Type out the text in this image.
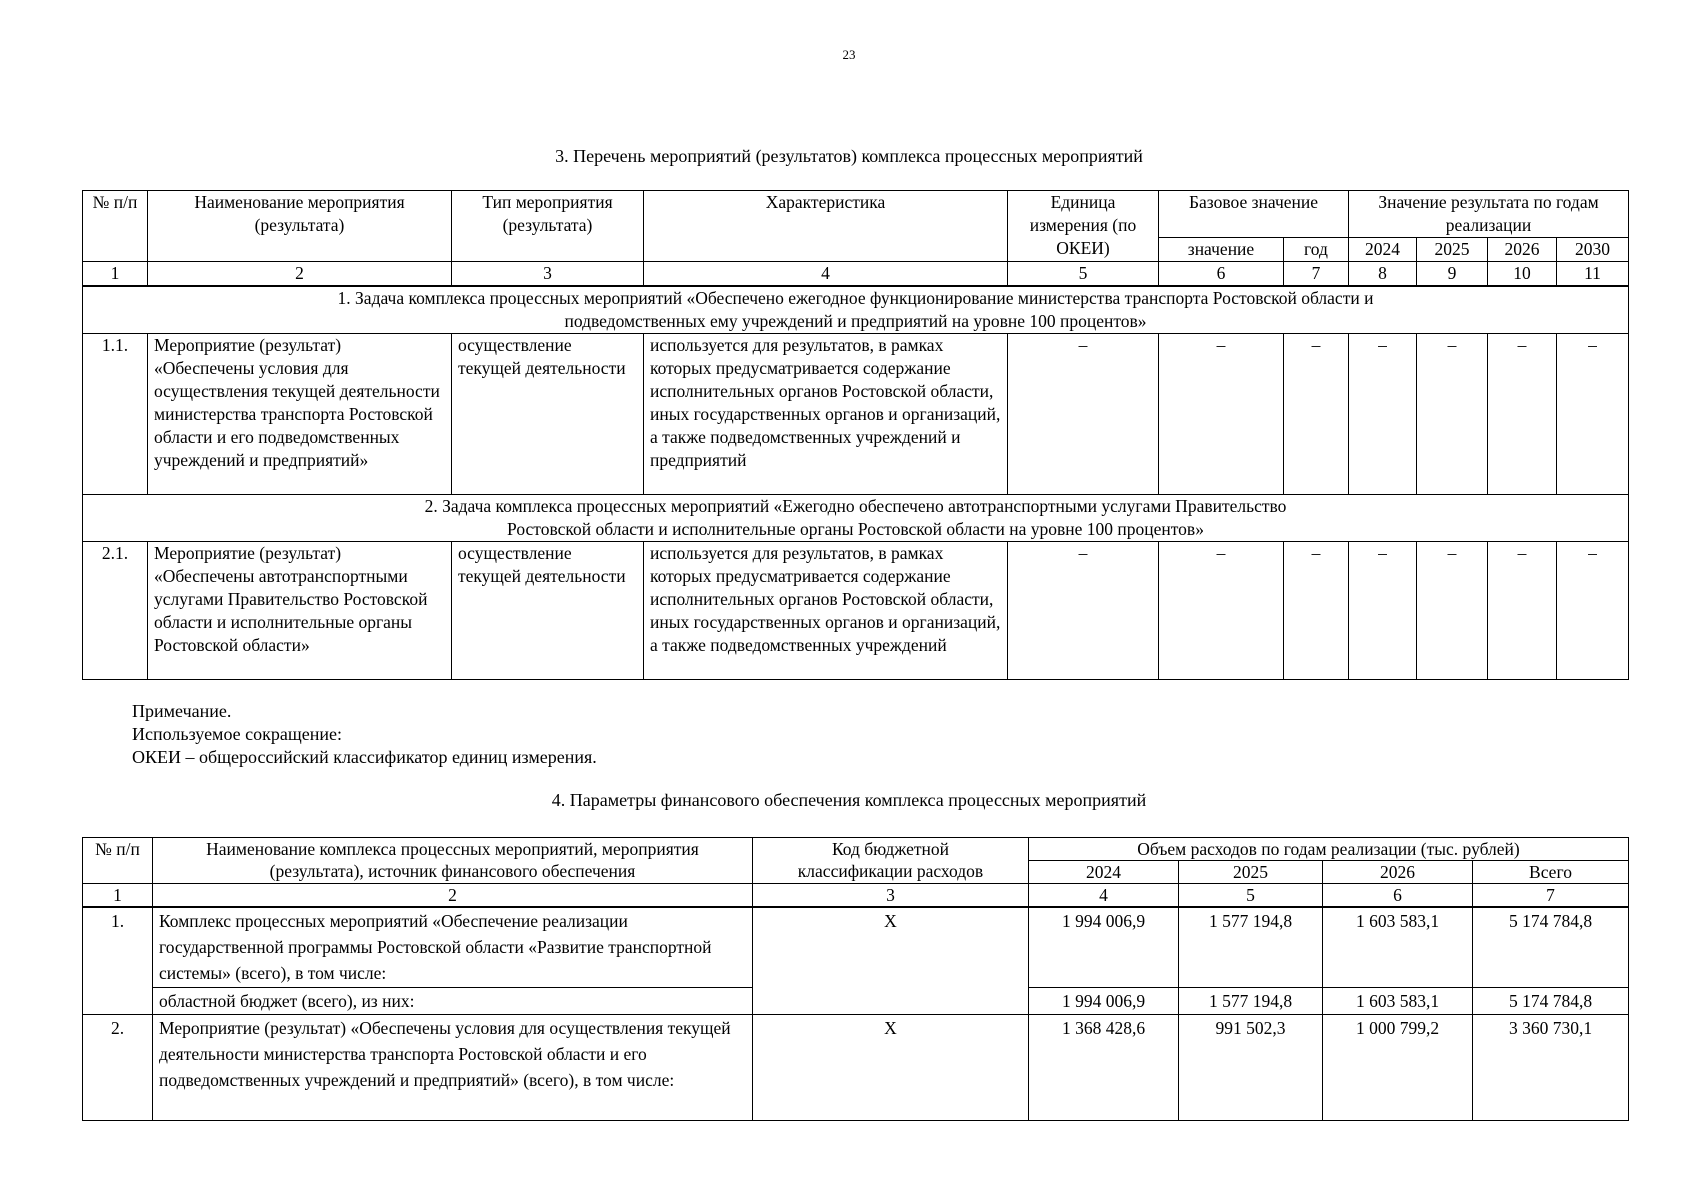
23
3. Перечень мероприятий (результатов) комплекса процессных мероприятий
№ п/п	Наименование мероприятия (результата)	Тип мероприятия (результата)	Характеристика	Единица измерения (по ОКЕИ)	Базовое значение		Значение результата по годам реализации			
					значение	год	2024	2025	2026	2030
1	2	3	4	5	6	7	8	9	10	11
1. Задача комплекса процессных мероприятий «Обеспечено ежегодное функционирование министерства транспорта Ростовской области и подведомственных ему учреждений и предприятий на уровне 100 процентов»										
1.1.	Мероприятие (результат) «Обеспечены условия для осуществления текущей деятельности министерства транспорта Ростовской области и его подведомственных учреждений и предприятий»	осуществление текущей деятельности	используется для результатов, в рамках которых предусматривается содержание исполнительных органов Ростовской области, иных государственных органов и организаций, а также подведомственных учреждений и предприятий	–	–	–	–	–	–	–
2. Задача комплекса процессных мероприятий «Ежегодно обеспечено автотранспортными услугами Правительство Ростовской области и исполнительные органы Ростовской области на уровне 100 процентов»										
2.1.	Мероприятие (результат) «Обеспечены автотранспортными услугами Правительство Ростовской области и исполнительные органы Ростовской области»	осуществление текущей деятельности	используется для результатов, в рамках которых предусматривается содержание исполнительных органов Ростовской области, иных государственных органов и организаций, а также подведомственных учреждений	–	–	–	–	–	–	–
Примечание.
Используемое сокращение:
ОКЕИ – общероссийский классификатор единиц измерения.
4. Параметры финансового обеспечения комплекса процессных мероприятий
№ п/п	Наименование комплекса процессных мероприятий, мероприятия (результата), источник финансового обеспечения	Код бюджетной классификации расходов	Объем расходов по годам реализации (тыс. рублей)			
			2024	2025	2026	Всего
1	2	3	4	5	6	7
1.	Комплекс процессных мероприятий «Обеспечение реализации государственной программы Ростовской области «Развитие транспортной системы» (всего), в том числе:	Х	1 994 006,9	1 577 194,8	1 603 583,1	5 174 784,8
	областной бюджет (всего), из них:		1 994 006,9	1 577 194,8	1 603 583,1	5 174 784,8
2.	Мероприятие (результат) «Обеспечены условия для осуществления текущей деятельности министерства транспорта Ростовской области и его подведомственных учреждений и предприятий» (всего), в том числе:	Х	1 368 428,6	991 502,3	1 000 799,2	3 360 730,1
